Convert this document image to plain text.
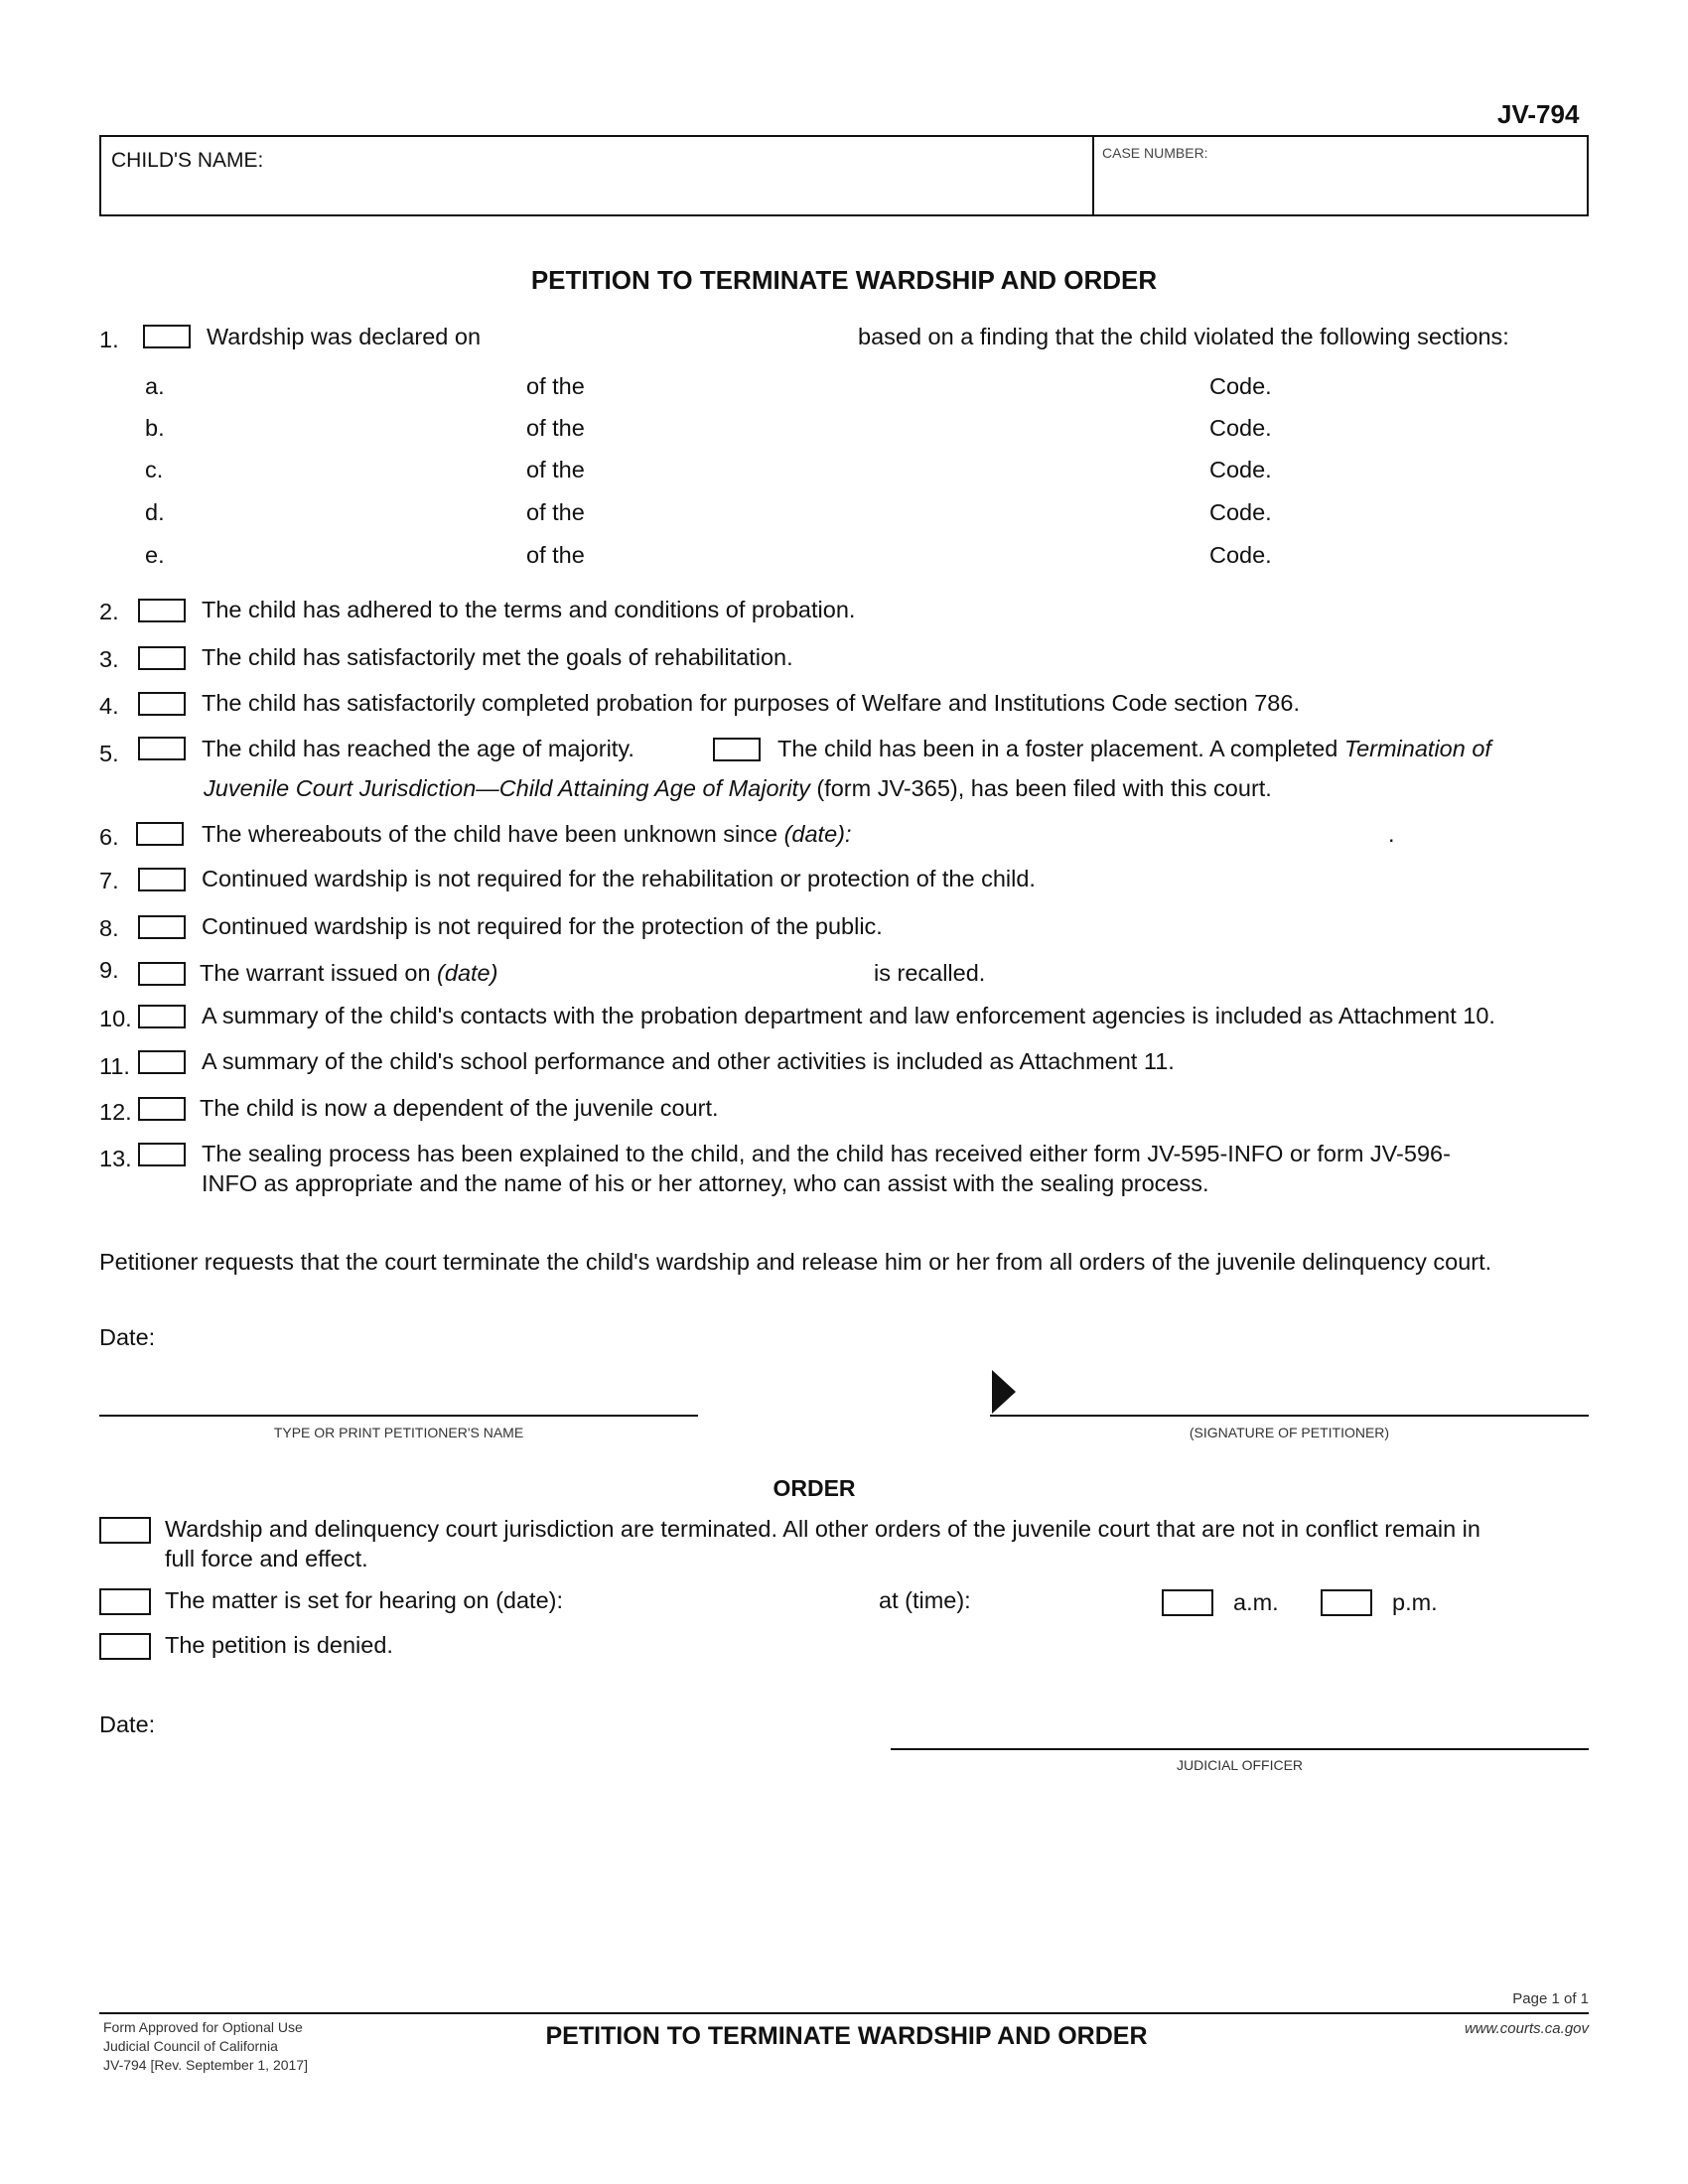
JV-794
CHILD'S NAME:	CASE NUMBER:
PETITION TO TERMINATE WARDSHIP AND ORDER
1.	Wardship was declared on	based on a finding that the child violated the following sections:
a.	of the	Code.
b.	of the	Code.
c.	of the	Code.
d.	of the	Code.
e.	of the	Code.
2.	The child has adhered to the terms and conditions of probation.
3.	The child has satisfactorily met the goals of rehabilitation.
4.	The child has satisfactorily completed probation for purposes of Welfare and Institutions Code section 786.
5.	The child has reached the age of majority.	The child has been in a foster placement. A completed Termination of
Juvenile Court Jurisdiction—Child Attaining Age of Majority (form JV-365), has been filed with this court.
6.	The whereabouts of the child have been unknown since (date):	.
7.	Continued wardship is not required for the rehabilitation or protection of the child.
8.	Continued wardship is not required for the protection of the public.
9.	The warrant issued on (date)	is recalled.
10.	A summary of the child's contacts with the probation department and law enforcement agencies is included as Attachment 10.
11.	A summary of the child's school performance and other activities is included as Attachment 11.
12.	The child is now a dependent of the juvenile court.
13.	The sealing process has been explained to the child, and the child has received either form JV-595-INFO or form JV-596-
INFO as appropriate and the name of his or her attorney, who can assist with the sealing process.
Petitioner requests that the court terminate the child's wardship and release him or her from all orders of the juvenile delinquency court.
Date:
TYPE OR PRINT PETITIONER'S NAME	(SIGNATURE OF PETITIONER)
ORDER
Wardship and delinquency court jurisdiction are terminated. All other orders of the juvenile court that are not in conflict remain in
full force and effect.
The matter is set for hearing on (date):	at (time):	a.m.	p.m.
The petition is denied.
Date:
JUDICIAL OFFICER
Page 1 of 1
Form Approved for Optional Use
Judicial Council of California
JV-794 [Rev. September 1, 2017]
PETITION TO TERMINATE WARDSHIP AND ORDER	www.courts.ca.gov
